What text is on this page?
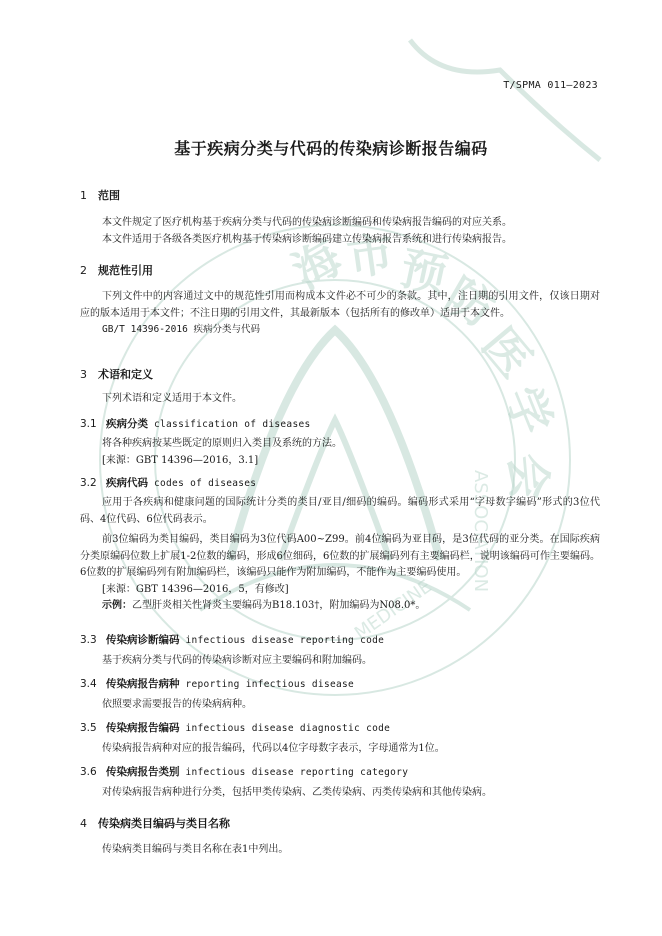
海
市
预
防
医
学
会
ASSOCIATION
MEDICINE
T/SPMA 011—2023
基于疾病分类与代码的传染病诊断报告编码
1 范围

本文件规定了医疗机构基于疾病分类与代码的传染病诊断编码和传染病报告编码的对应关系。

本文件适用于各级各类医疗机构基于传染病诊断编码建立传染病报告系统和进行传染病报告。

2 规范性引用

下列文件中的内容通过文中的规范性引用而构成本文件必不可少的条款。其中，注日期的引用文件，仅该日期对应的版本适用于本文件；不注日期的引用文件，其最新版本（包括所有的修改单）适用于本文件。

GB/T 14396-2016 疾病分类与代码

3 术语和定义

下列术语和定义适用于本文件。

3.1 疾病分类 classification of diseases

将各种疾病按某些既定的原则归入类目及系统的方法。

[来源：GBT 14396—2016，3.1]

3.2 疾病代码 codes of diseases

应用于各疾病和健康问题的国际统计分类的类目/亚目/细码的编码。编码形式采用“字母数字编码”形式的3位代码、4位代码、6位代码表示。

前3位编码为类目编码，类目编码为3位代码A00~Z99。前4位编码为亚目码，是3位代码的亚分类。在国际疾病分类原编码位数上扩展1-2位数的编码，形成6位细码，6位数的扩展编码列有主要编码栏，说明该编码可作主要编码。6位数的扩展编码列有附加编码栏，该编码只能作为附加编码，不能作为主要编码使用。

[来源：GBT 14396—2016，5，有修改]

示例：乙型肝炎相关性肾炎主要编码为B18.103†，附加编码为N08.0*。

3.3 传染病诊断编码 infectious disease reporting code

基于疾病分类与代码的传染病诊断对应主要编码和附加编码。

3.4 传染病报告病种 reporting infectious disease

依照要求需要报告的传染病病种。

3.5 传染病报告编码 infectious disease diagnostic code

传染病报告病种对应的报告编码，代码以4位字母数字表示，字母通常为1位。

3.6 传染病报告类别 infectious disease reporting category

对传染病报告病种进行分类，包括甲类传染病、乙类传染病、丙类传染病和其他传染病。

4 传染病类目编码与类目名称

传染病类目编码与类目名称在表1中列出。
